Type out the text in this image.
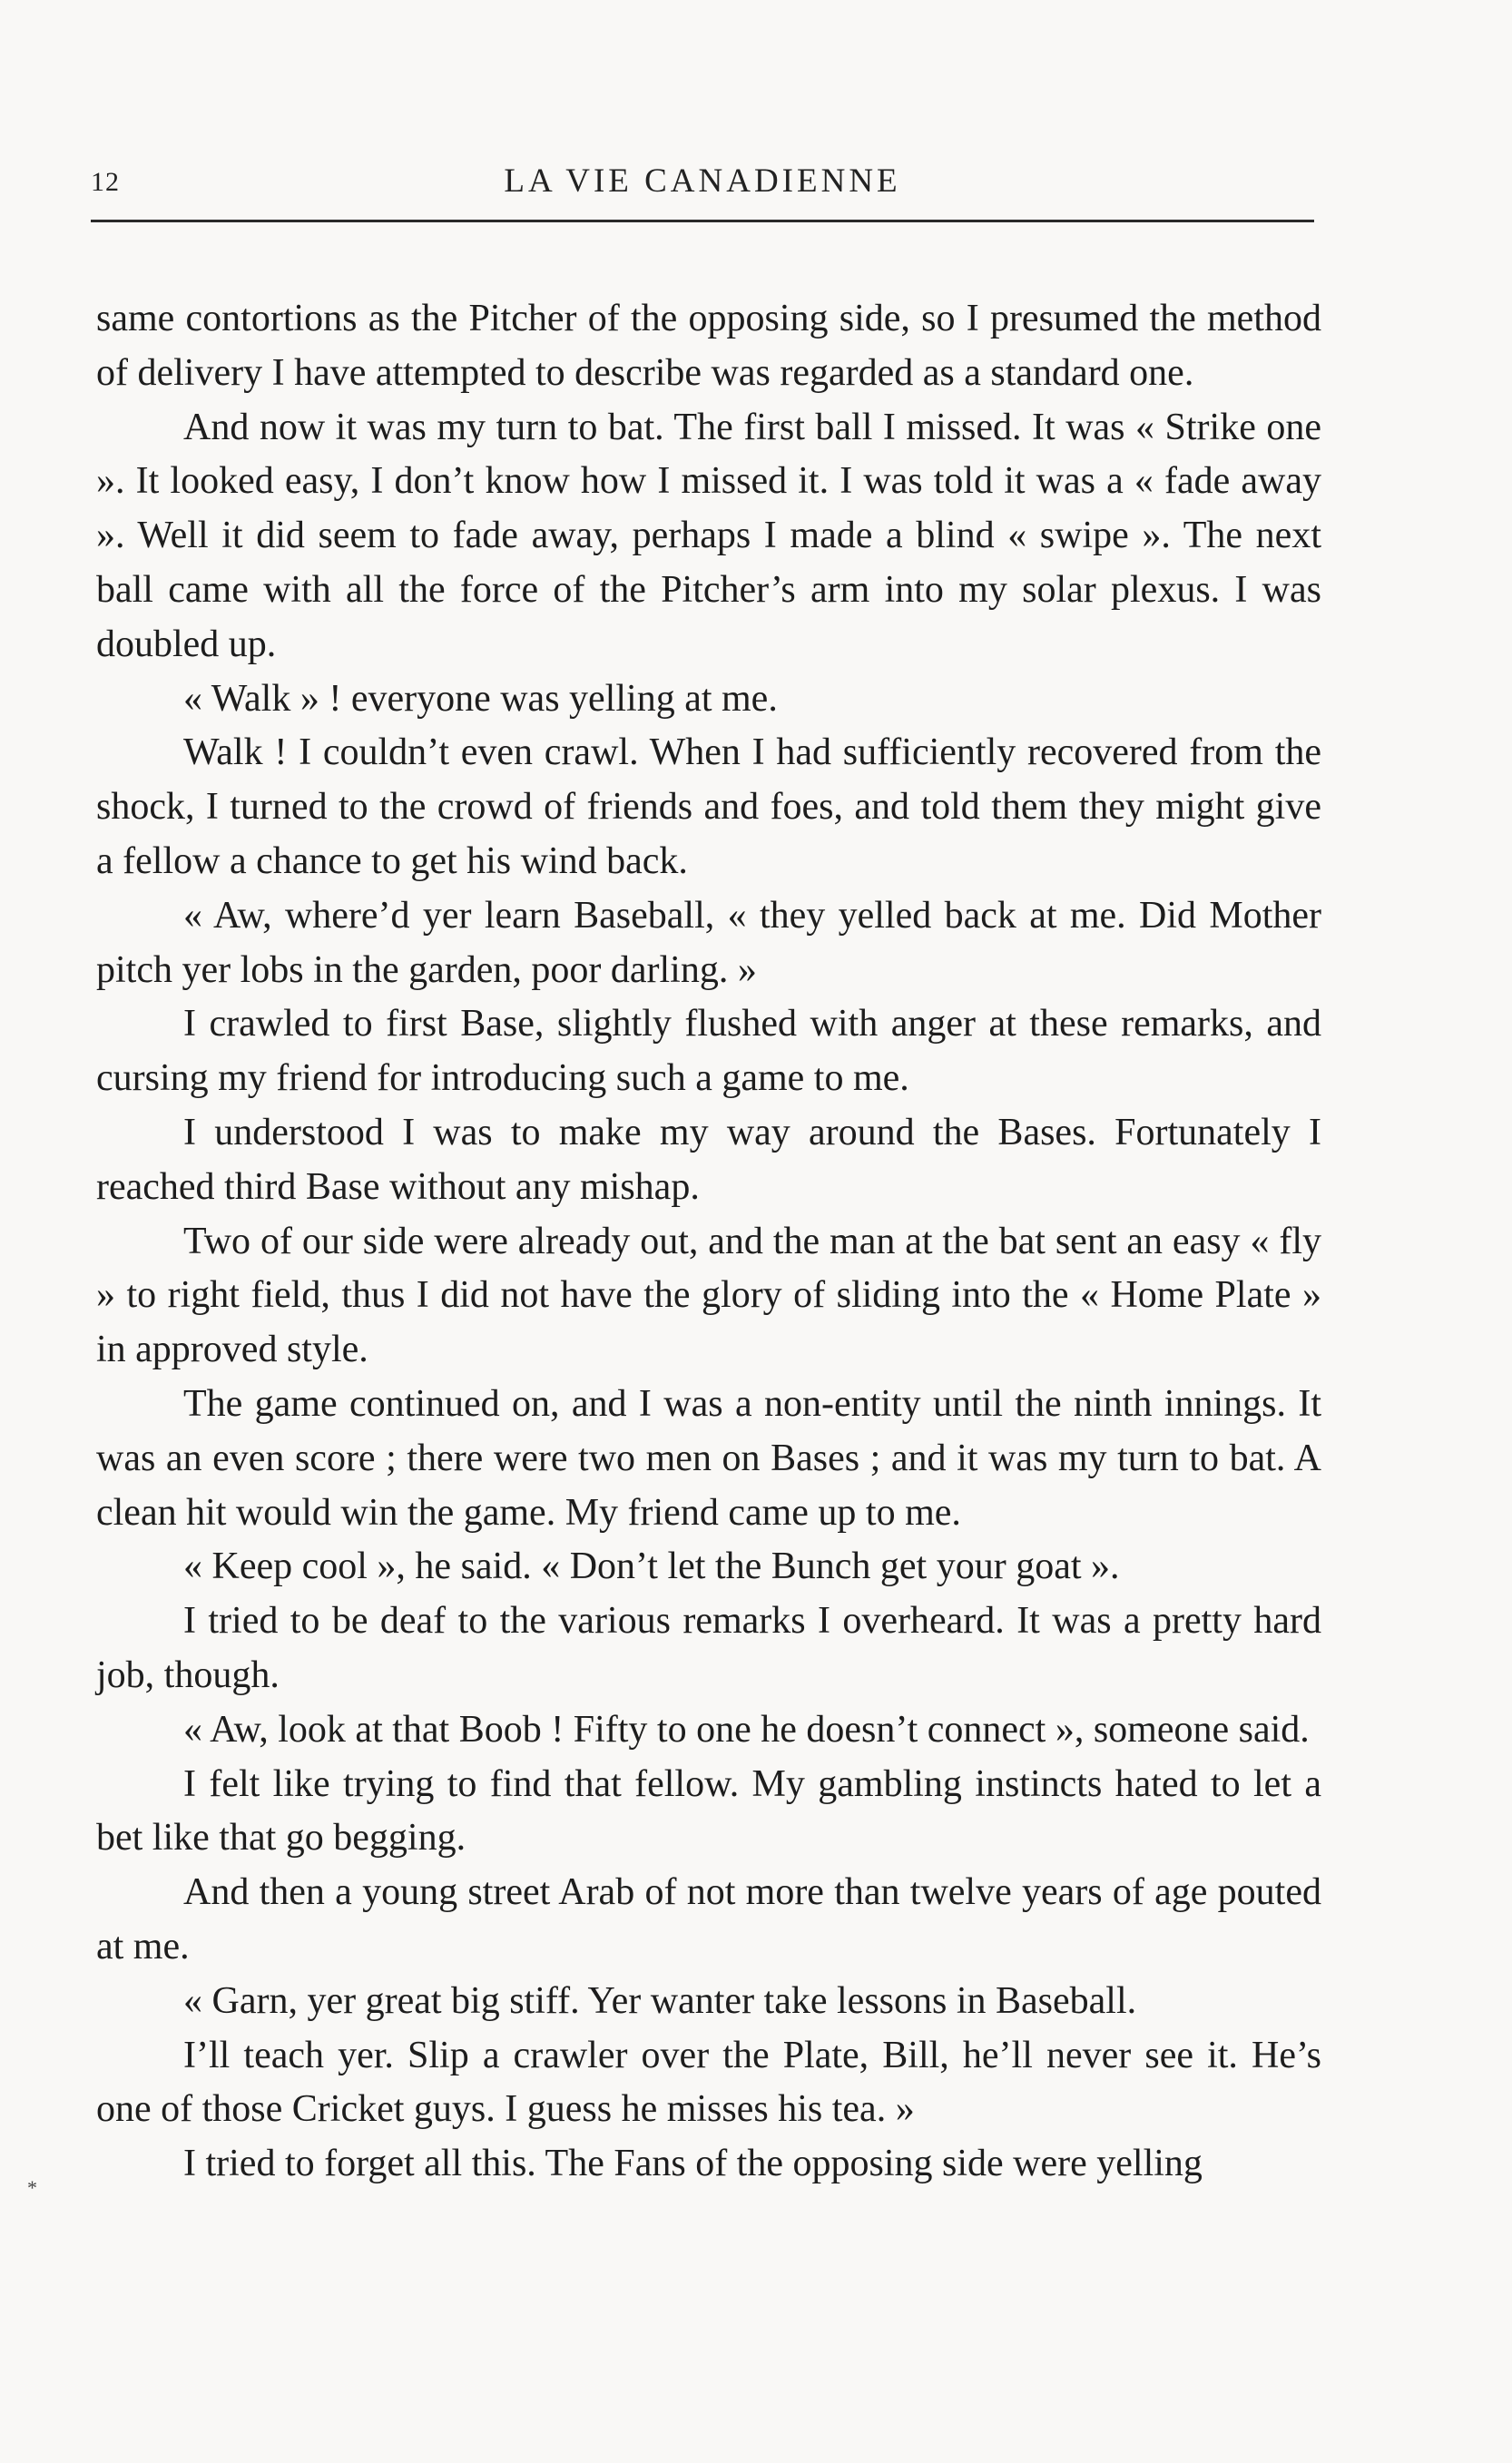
12	LA VIE CANADIENNE

same contortions as the Pitcher of the opposing side, so I presumed the method of delivery I have attempted to describe was regarded as a standard one.

And now it was my turn to bat. The first ball I missed. It was « Strike one ». It looked easy, I don’t know how I missed it. I was told it was a « fade away ». Well it did seem to fade away, perhaps I made a blind « swipe ». The next ball came with all the force of the Pitcher’s arm into my solar plexus. I was doubled up.

« Walk » ! everyone was yelling at me.

Walk ! I couldn’t even crawl. When I had sufficiently recovered from the shock, I turned to the crowd of friends and foes, and told them they might give a fellow a chance to get his wind back.

« Aw, where’d yer learn Baseball, « they yelled back at me. Did Mother pitch yer lobs in the garden, poor darling. »

I crawled to first Base, slightly flushed with anger at these remarks, and cursing my friend for introducing such a game to me.

I understood I was to make my way around the Bases. Fortunately I reached third Base without any mishap.

Two of our side were already out, and the man at the bat sent an easy « fly » to right field, thus I did not have the glory of sliding into the « Home Plate » in approved style.

The game continued on, and I was a non-entity until the ninth innings. It was an even score ; there were two men on Bases ; and it was my turn to bat. A clean hit would win the game. My friend came up to me.

« Keep cool », he said. « Don’t let the Bunch get your goat ».

I tried to be deaf to the various remarks I overheard. It was a pretty hard job, though.

« Aw, look at that Boob ! Fifty to one he doesn’t connect », someone said.

I felt like trying to find that fellow. My gambling instincts hated to let a bet like that go begging.

And then a young street Arab of not more than twelve years of age pouted at me.

« Garn, yer great big stiff. Yer wanter take lessons in Baseball.

I’ll teach yer. Slip a crawler over the Plate, Bill, he’ll never see it. He’s one of those Cricket guys. I guess he misses his tea. »

I tried to forget all this. The Fans of the opposing side were yelling

*
